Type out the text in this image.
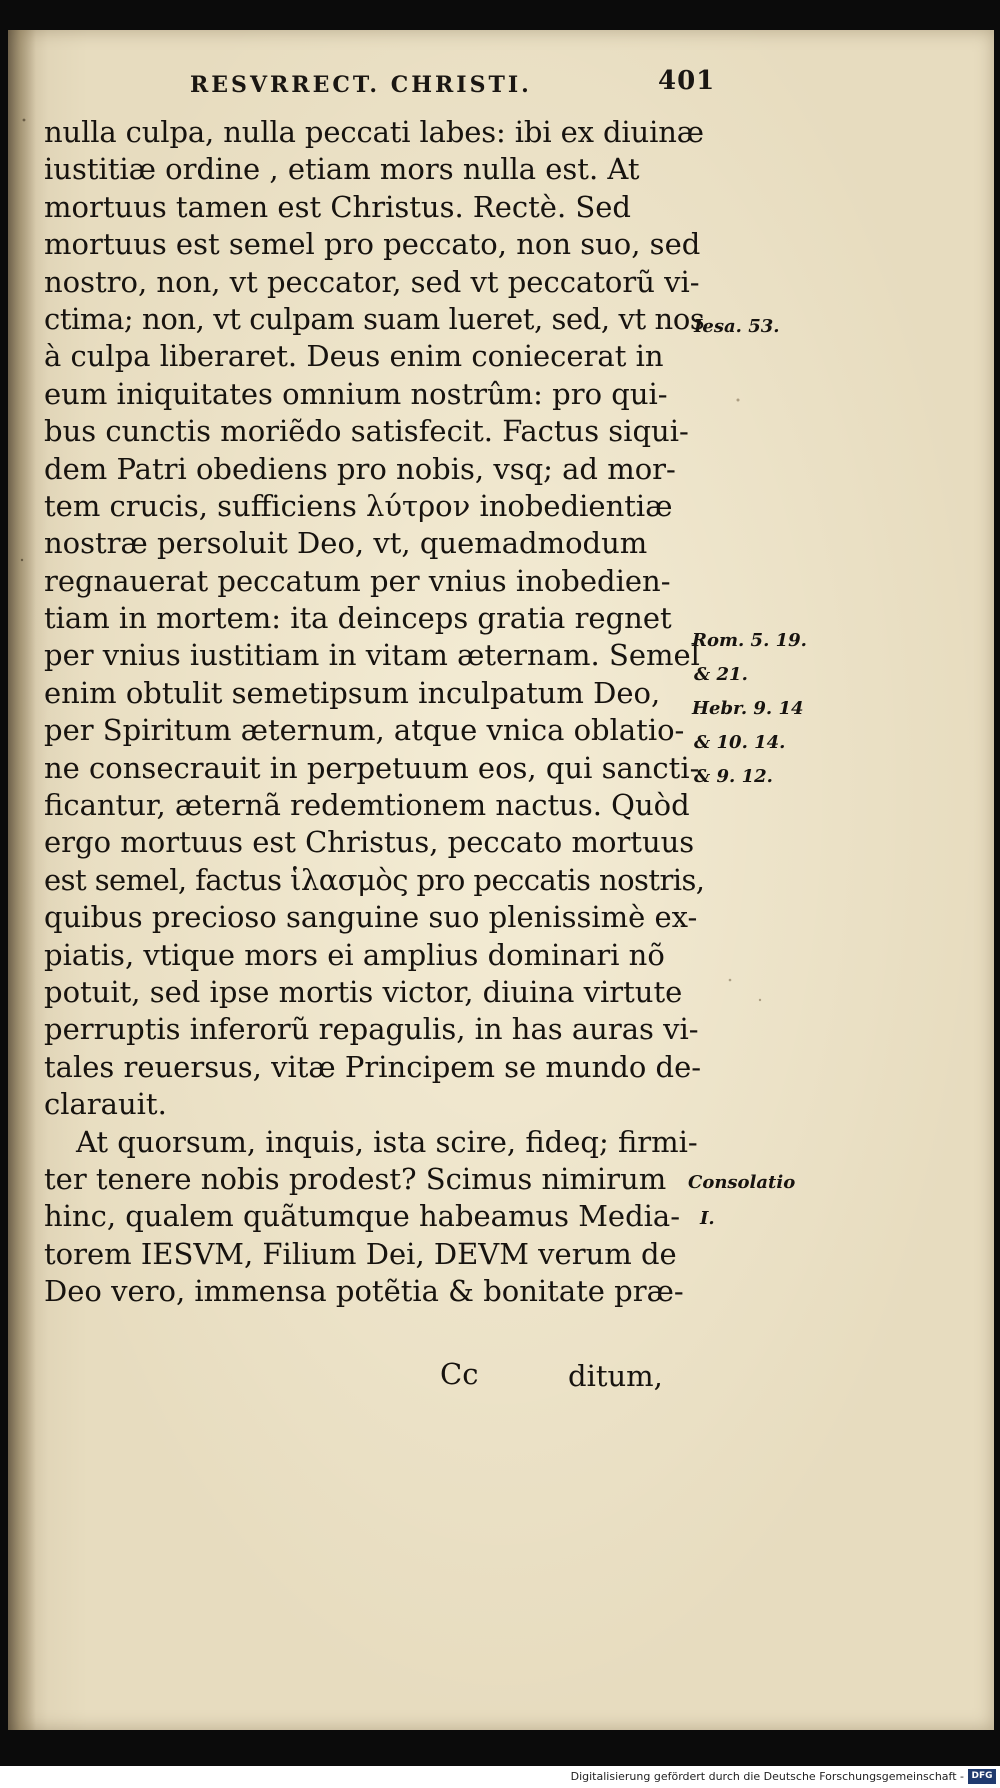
RESVRRECT. CHRISTI.	401
nulla culpa, nulla peccati labes: ibi ex diuinæ
iustitiæ ordine , etiam mors nulla est. At
mortuus tamen est Christus. Rectè. Sed
mortuus est semel pro peccato, non suo, sed
nostro, non, vt peccator, sed vt peccatorũ vi-
ctima; non, vt culpam suam lueret, sed, vt nos
à culpa liberaret. Deus enim coniecerat in
eum iniquitates omnium nostrûm: pro qui-
bus cunctis moriẽdo satisfecit. Factus siqui-
dem Patri obediens pro nobis, vsq; ad mor-
tem crucis, sufficiens λύτρον inobedientiæ
nostræ persoluit Deo, vt, quemadmodum
regnauerat peccatum per vnius inobedien-
tiam in mortem: ita deinceps gratia regnet
per vnius iustitiam in vitam æternam. Semel
enim obtulit semetipsum inculpatum Deo,
per Spiritum æternum, atque vnica oblatio-
ne consecrauit in perpetuum eos, qui sancti-
ficantur, æternã redemtionem nactus. Quòd
ergo mortuus est Christus, peccato mortuus
est semel, factus ἱλασμὸς pro peccatis nostris,
quibus precioso sanguine suo plenissimè ex-
piatis, vtique mors ei amplius dominari nõ
potuit, sed ipse mortis victor, diuina virtute
perruptis inferorũ repagulis, in has auras vi-
tales reuersus, vitæ Principem se mundo de-
clarauit.
At quorsum, inquis, ista scire, fideq; firmi-
ter tenere nobis prodest? Scimus nimirum
hinc, qualem quãtumque habeamus Media-
torem IESVM, Filium Dei, DEVM verum de
Deo vero, immensa potẽtia & bonitate præ-
Iesa. 53.
Rom. 5. 19.
& 21.
Hebr. 9. 14
& 10. 14.
& 9. 12.
Consolatio
I.
Cc	ditum,
Digitalisierung gefördert durch die Deutsche Forschungsgemeinschaft - DFG
